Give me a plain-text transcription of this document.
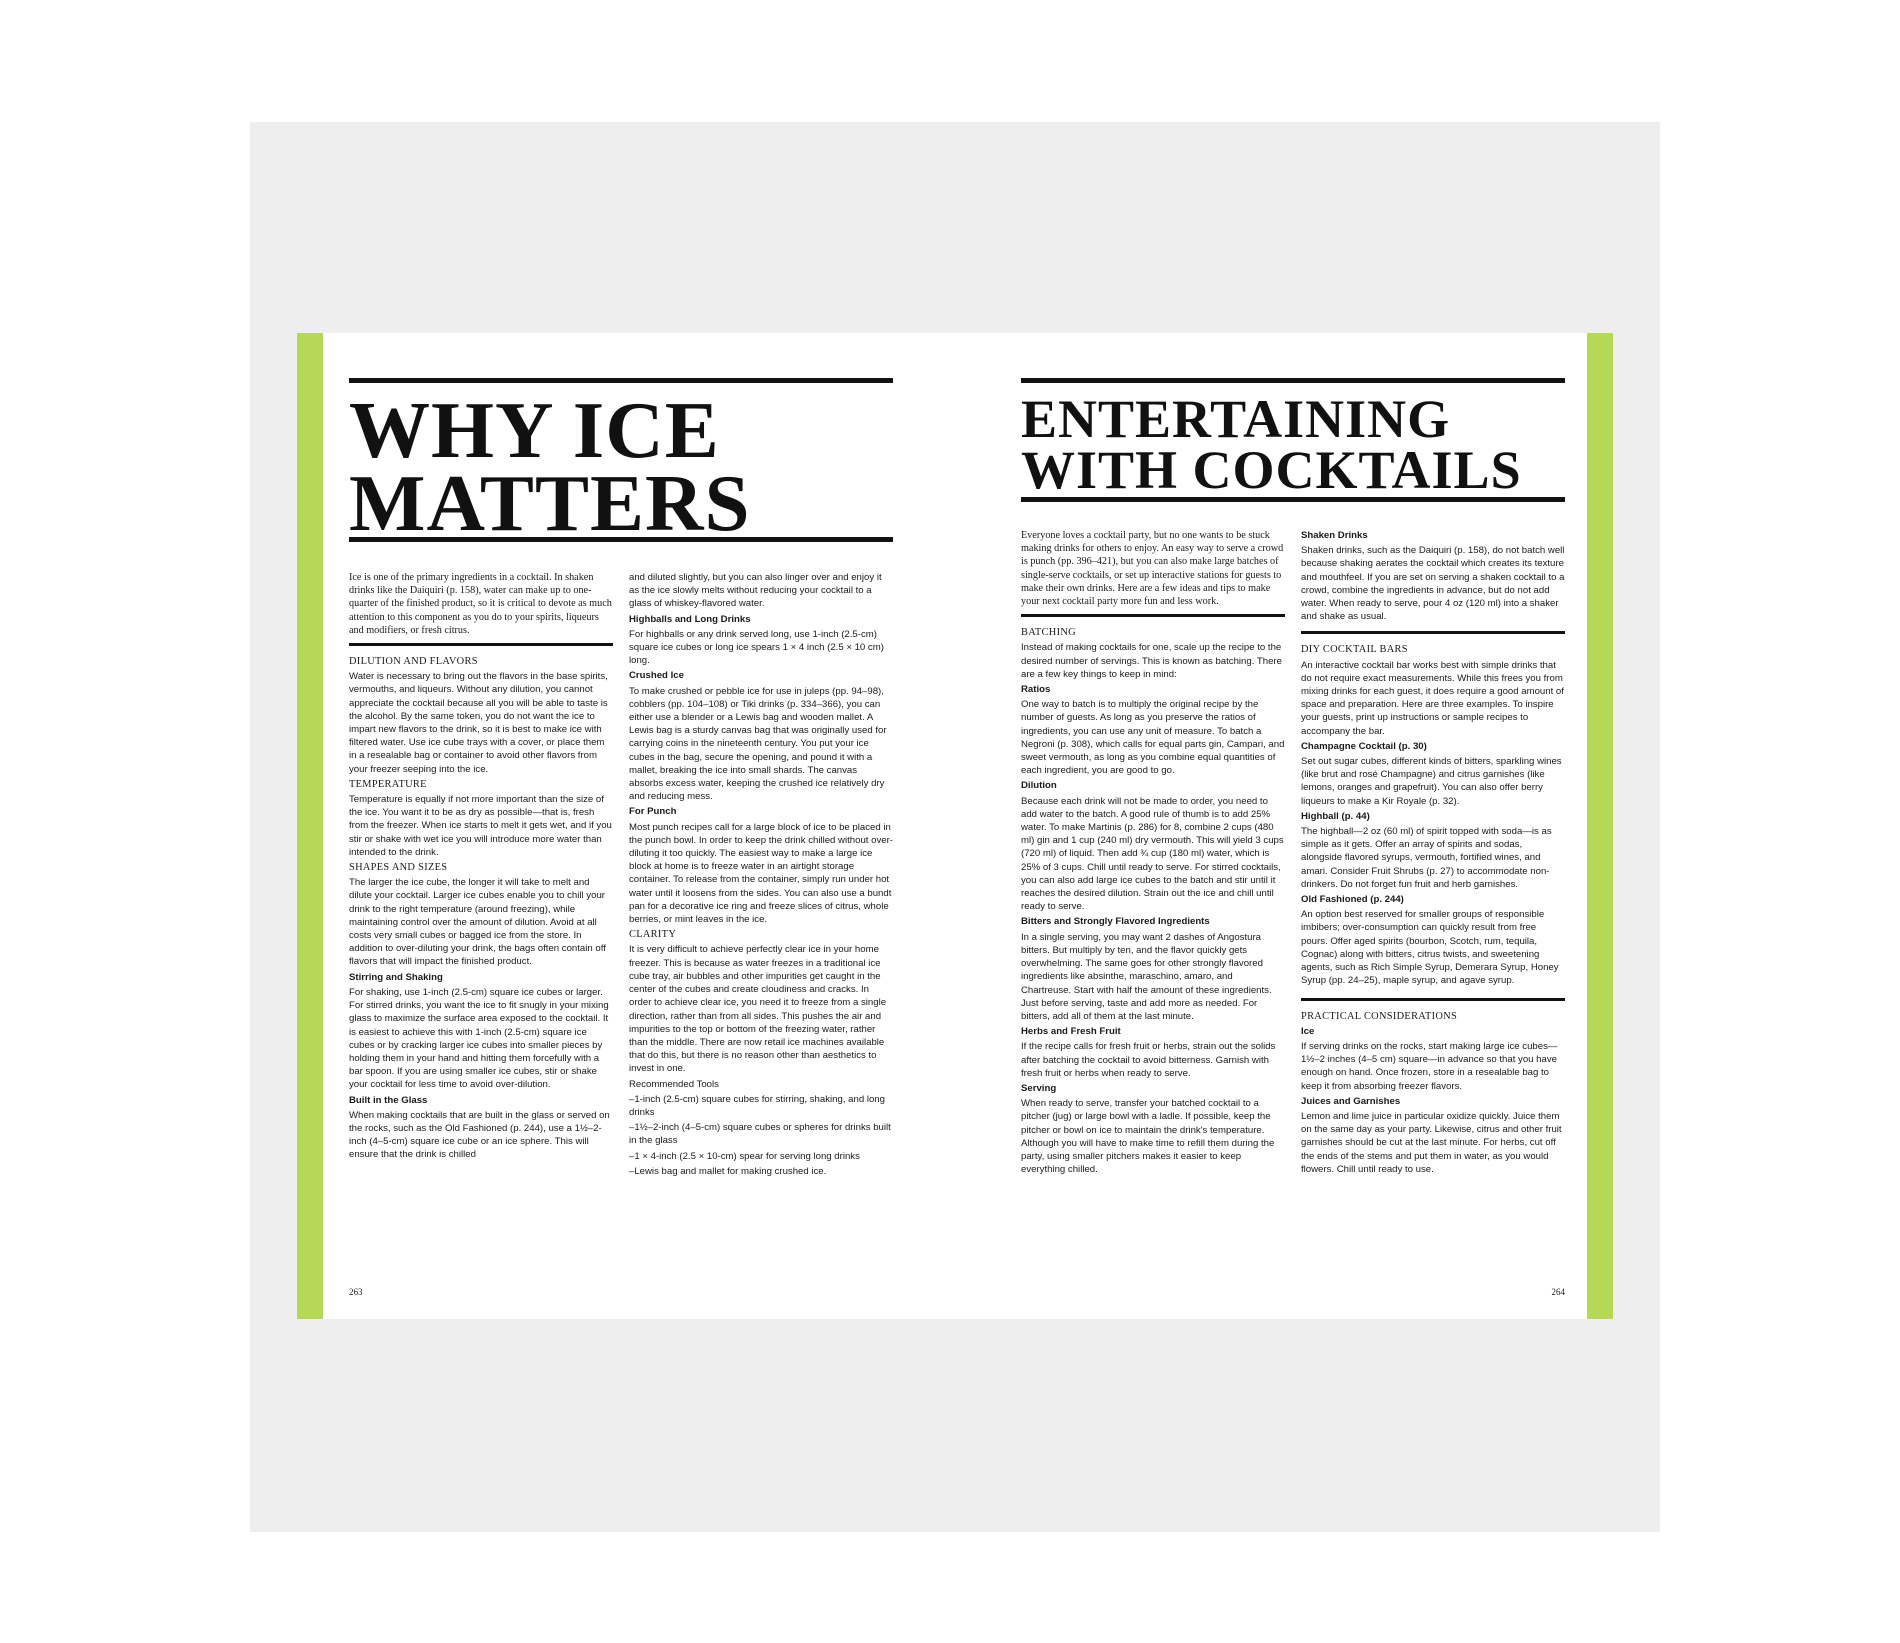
WHY ICE
MATTERS

Ice is one of the primary ingredients in a cocktail. In shaken drinks like the Daiquiri (p. 158), water can make up to one-quarter of the finished product, so it is critical to devote as much attention to this component as you do to your spirits, liqueurs and modifiers, or fresh citrus.

DILUTION AND FLAVORS

Water is necessary to bring out the flavors in the base spirits, vermouths, and liqueurs. Without any dilution, you cannot appreciate the cocktail because all you will be able to taste is the alcohol. By the same token, you do not want the ice to impart new flavors to the drink, so it is best to make ice with filtered water. Use ice cube trays with a cover, or place them in a resealable bag or container to avoid other flavors from your freezer seeping into the ice.

TEMPERATURE

Temperature is equally if not more important than the size of the ice. You want it to be as dry as possible—that is, fresh from the freezer. When ice starts to melt it gets wet, and if you stir or shake with wet ice you will introduce more water than intended to the drink.

SHAPES AND SIZES

The larger the ice cube, the longer it will take to melt and dilute your cocktail. Larger ice cubes enable you to chill your drink to the right temperature (around freezing), while maintaining control over the amount of dilution. Avoid at all costs very small cubes or bagged ice from the store. In addition to over-diluting your drink, the bags often contain off flavors that will impact the finished product.

Stirring and Shaking

For shaking, use 1-inch (2.5-cm) square ice cubes or larger. For stirred drinks, you want the ice to fit snugly in your mixing glass to maximize the surface area exposed to the cocktail. It is easiest to achieve this with 1-inch (2.5-cm) square ice cubes or by cracking larger ice cubes into smaller pieces by holding them in your hand and hitting them forcefully with a bar spoon. If you are using smaller ice cubes, stir or shake your cocktail for less time to avoid over-dilution.

Built in the Glass

When making cocktails that are built in the glass or served on the rocks, such as the Old Fashioned (p. 244), use a 1½–2-inch (4–5-cm) square ice cube or an ice sphere. This will ensure that the drink is chilled

and diluted slightly, but you can also linger over and enjoy it as the ice slowly melts without reducing your cocktail to a glass of whiskey-flavored water.

Highballs and Long Drinks

For highballs or any drink served long, use 1-inch (2.5-cm) square ice cubes or long ice spears 1 × 4 inch (2.5 × 10 cm) long.

Crushed Ice

To make crushed or pebble ice for use in juleps (pp. 94–98), cobblers (pp. 104–108) or Tiki drinks (p. 334–366), you can either use a blender or a Lewis bag and wooden mallet. A Lewis bag is a sturdy canvas bag that was originally used for carrying coins in the nineteenth century. You put your ice cubes in the bag, secure the opening, and pound it with a mallet, breaking the ice into small shards. The canvas absorbs excess water, keeping the crushed ice relatively dry and reducing mess.

For Punch

Most punch recipes call for a large block of ice to be placed in the punch bowl. In order to keep the drink chilled without over-diluting it too quickly. The easiest way to make a large ice block at home is to freeze water in an airtight storage container. To release from the container, simply run under hot water until it loosens from the sides. You can also use a bundt pan for a decorative ice ring and freeze slices of citrus, whole berries, or mint leaves in the ice.

CLARITY

It is very difficult to achieve perfectly clear ice in your home freezer. This is because as water freezes in a traditional ice cube tray, air bubbles and other impurities get caught in the center of the cubes and create cloudiness and cracks. In order to achieve clear ice, you need it to freeze from a single direction, rather than from all sides. This pushes the air and impurities to the top or bottom of the freezing water, rather than the middle. There are now retail ice machines available that do this, but there is no reason other than aesthetics to invest in one.

Recommended Tools

–1-inch (2.5-cm) square cubes for stirring, shaking, and long drinks

–1½–2-inch (4–5-cm) square cubes or spheres for drinks built in the glass

–1 × 4-inch (2.5 × 10-cm) spear for serving long drinks

–Lewis bag and mallet for making crushed ice.

263
ENTERTAINING
WITH COCKTAILS

Everyone loves a cocktail party, but no one wants to be stuck making drinks for others to enjoy. An easy way to serve a crowd is punch (pp. 396–421), but you can also make large batches of single-serve cocktails, or set up interactive stations for guests to make their own drinks. Here are a few ideas and tips to make your next cocktail party more fun and less work.

BATCHING

Instead of making cocktails for one, scale up the recipe to the desired number of servings. This is known as batching. There are a few key things to keep in mind:

Ratios

One way to batch is to multiply the original recipe by the number of guests. As long as you preserve the ratios of ingredients, you can use any unit of measure. To batch a Negroni (p. 308), which calls for equal parts gin, Campari, and sweet vermouth, as long as you combine equal quantities of each ingredient, you are good to go.

Dilution

Because each drink will not be made to order, you need to add water to the batch. A good rule of thumb is to add 25% water. To make Martinis (p. 286) for 8, combine 2 cups (480 ml) gin and 1 cup (240 ml) dry vermouth. This will yield 3 cups (720 ml) of liquid. Then add ¾ cup (180 ml) water, which is 25% of 3 cups. Chill until ready to serve. For stirred cocktails, you can also add large ice cubes to the batch and stir until it reaches the desired dilution. Strain out the ice and chill until ready to serve.

Bitters and Strongly Flavored Ingredients

In a single serving, you may want 2 dashes of Angostura bitters. But multiply by ten, and the flavor quickly gets overwhelming. The same goes for other strongly flavored ingredients like absinthe, maraschino, amaro, and Chartreuse. Start with half the amount of these ingredients. Just before serving, taste and add more as needed. For bitters, add all of them at the last minute.

Herbs and Fresh Fruit

If the recipe calls for fresh fruit or herbs, strain out the solids after batching the cocktail to avoid bitterness. Garnish with fresh fruit or herbs when ready to serve.

Serving

When ready to serve, transfer your batched cocktail to a pitcher (jug) or large bowl with a ladle. If possible, keep the pitcher or bowl on ice to maintain the drink's temperature. Although you will have to make time to refill them during the party, using smaller pitchers makes it easier to keep everything chilled.

Shaken Drinks

Shaken drinks, such as the Daiquiri (p. 158), do not batch well because shaking aerates the cocktail which creates its texture and mouthfeel. If you are set on serving a shaken cocktail to a crowd, combine the ingredients in advance, but do not add water. When ready to serve, pour 4 oz (120 ml) into a shaker and shake as usual.

DIY COCKTAIL BARS

An interactive cocktail bar works best with simple drinks that do not require exact measurements. While this frees you from mixing drinks for each guest, it does require a good amount of space and preparation. Here are three examples. To inspire your guests, print up instructions or sample recipes to accompany the bar.

Champagne Cocktail (p. 30)

Set out sugar cubes, different kinds of bitters, sparkling wines (like brut and rosé Champagne) and citrus garnishes (like lemons, oranges and grapefruit). You can also offer berry liqueurs to make a Kir Royale (p. 32).

Highball (p. 44)

The highball—2 oz (60 ml) of spirit topped with soda—is as simple as it gets. Offer an array of spirits and sodas, alongside flavored syrups, vermouth, fortified wines, and amari. Consider Fruit Shrubs (p. 27) to accommodate non-drinkers. Do not forget fun fruit and herb garnishes.

Old Fashioned (p. 244)

An option best reserved for smaller groups of responsible imbibers; over-consumption can quickly result from free pours. Offer aged spirits (bourbon, Scotch, rum, tequila, Cognac) along with bitters, citrus twists, and sweetening agents, such as Rich Simple Syrup, Demerara Syrup, Honey Syrup (pp. 24–25), maple syrup, and agave syrup.

PRACTICAL CONSIDERATIONS

Ice

If serving drinks on the rocks, start making large ice cubes—1½–2 inches (4–5 cm) square—in advance so that you have enough on hand. Once frozen, store in a resealable bag to keep it from absorbing freezer flavors.

Juices and Garnishes

Lemon and lime juice in particular oxidize quickly. Juice them on the same day as your party. Likewise, citrus and other fruit garnishes should be cut at the last minute. For herbs, cut off the ends of the stems and put them in water, as you would flowers. Chill until ready to use.

264
